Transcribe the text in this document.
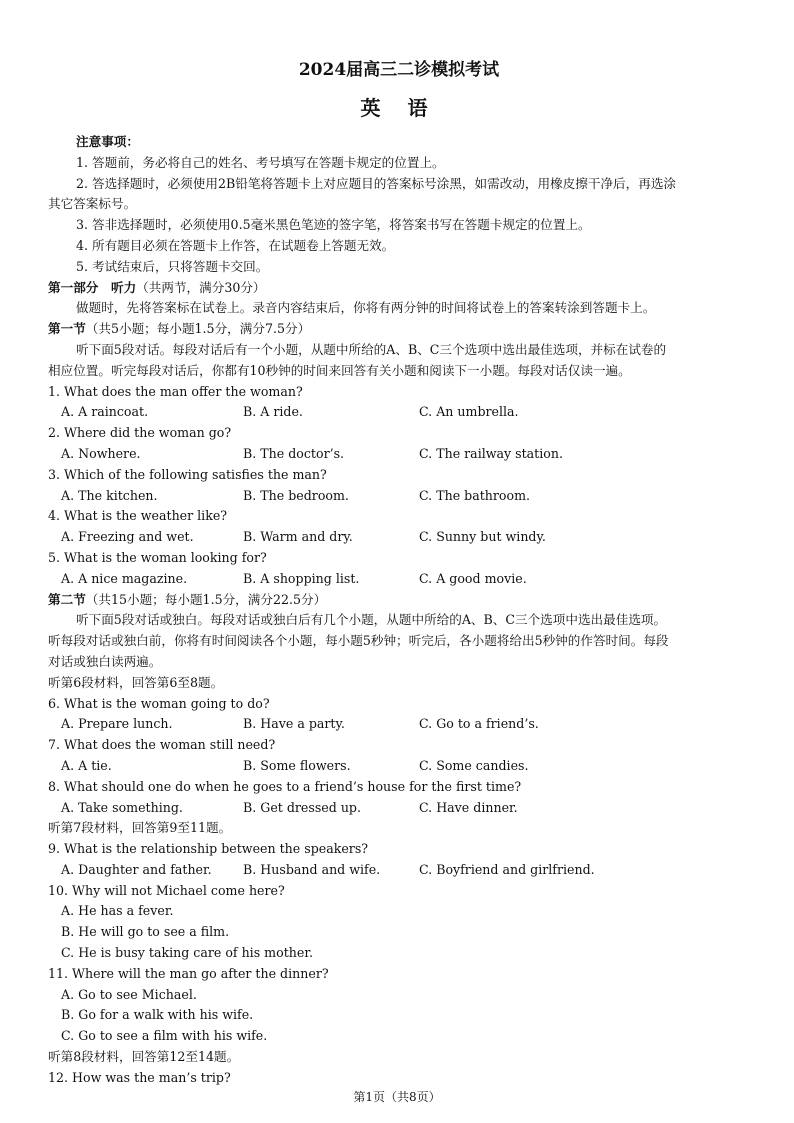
2024届高三二诊模拟考试
英 语
注意事项：
1. 答题前，务必将自己的姓名、考号填写在答题卡规定的位置上。
2. 答选择题时，必须使用2B铅笔将答题卡上对应题目的答案标号涂黑，如需改动，用橡皮擦干净后，再选涂
其它答案标号。
3. 答非选择题时，必须使用0.5毫米黑色笔迹的签字笔，将答案书写在答题卡规定的位置上。
4. 所有题目必须在答题卡上作答，在试题卷上答题无效。
5. 考试结束后，只将答题卡交回。
第一部分　听力（共两节，满分30分）
做题时，先将答案标在试卷上。录音内容结束后，你将有两分钟的时间将试卷上的答案转涂到答题卡上。
第一节（共5小题；每小题1.5分，满分7.5分）
听下面5段对话。每段对话后有一个小题，从题中所给的A、B、C三个选项中选出最佳选项，并标在试卷的
相应位置。听完每段对话后，你都有10秒钟的时间来回答有关小题和阅读下一小题。每段对话仅读一遍。
1. What does the man offer the woman?
A. A raincoat.	B. A ride.	C. An umbrella.
2. Where did the woman go?
A. Nowhere.	B. The doctor’s.	C. The railway station.
3. Which of the following satisfies the man?
A. The kitchen.	B. The bedroom.	C. The bathroom.
4. What is the weather like?
A. Freezing and wet.	B. Warm and dry.	C. Sunny but windy.
5. What is the woman looking for?
A. A nice magazine.	B. A shopping list.	C. A good movie.
第二节（共15小题；每小题1.5分，满分22.5分）
听下面5段对话或独白。每段对话或独白后有几个小题，从题中所给的A、B、C三个选项中选出最佳选项。
听每段对话或独白前，你将有时间阅读各个小题，每小题5秒钟；听完后，各小题将给出5秒钟的作答时间。每段
对话或独白读两遍。
听第6段材料，回答第6至8题。
6. What is the woman going to do?
A. Prepare lunch.	B. Have a party.	C. Go to a friend’s.
7. What does the woman still need?
A. A tie.	B. Some flowers.	C. Some candies.
8. What should one do when he goes to a friend’s house for the first time?
A. Take something.	B. Get dressed up.	C. Have dinner.
听第7段材料，回答第9至11题。
9. What is the relationship between the speakers?
A. Daughter and father.	B. Husband and wife.	C. Boyfriend and girlfriend.
10. Why will not Michael come here?
A. He has a fever.
B. He will go to see a film.
C. He is busy taking care of his mother.
11. Where will the man go after the dinner?
A. Go to see Michael.
B. Go for a walk with his wife.
C. Go to see a film with his wife.
听第8段材料，回答第12至14题。
12. How was the man’s trip?
第1页（共8页）
